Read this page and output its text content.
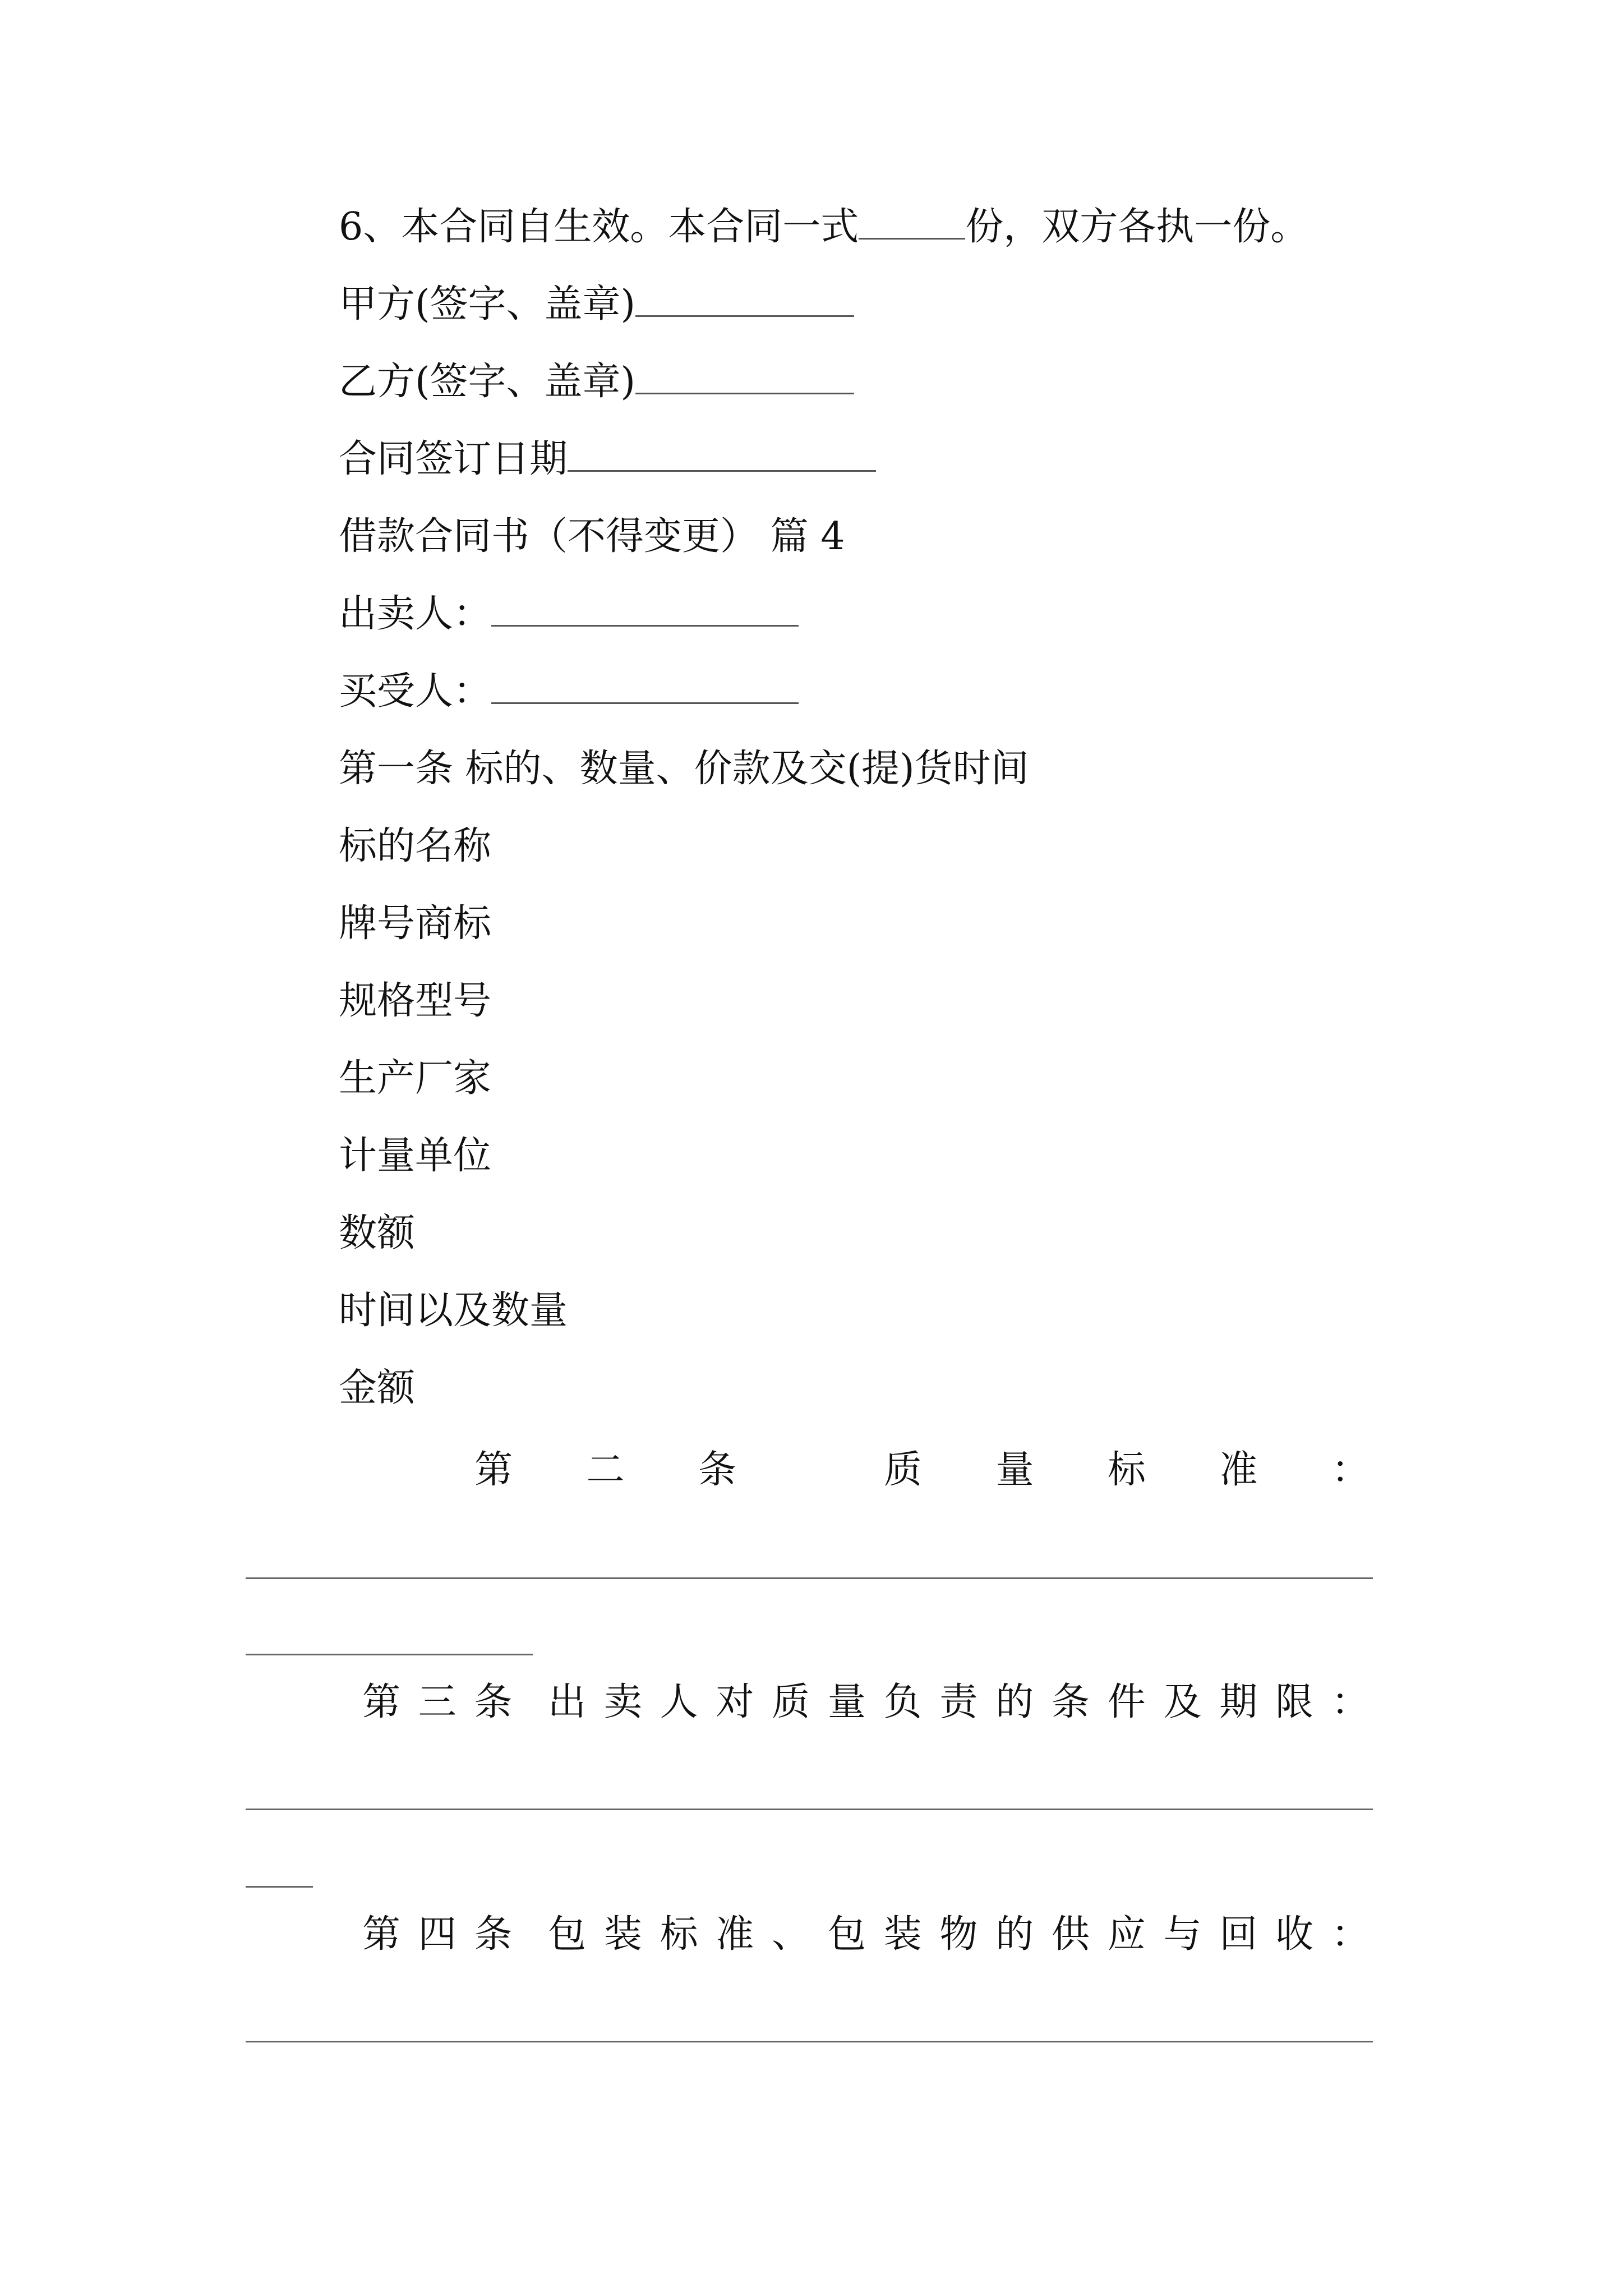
6、本合同自生效。本合同一式	份，双方各执一份。
甲方(签字、盖章)
乙方(签字、盖章)
合同签订日期
借款合同书（不得变更） 篇 4
出卖人：
买受人：
第一条 标的、数量、价款及交(提)货时间
标的名称
牌号商标
规格型号
生产厂家
计量单位
数额
时间以及数量
金额
第 二 条	质 量 标 准 ：
第 三 条 出 卖 人 对 质 量 负 责 的 条 件 及 期 限 ：
第 四 条 包 装 标 准 、 包 装 物 的 供 应 与 回 收 ：
